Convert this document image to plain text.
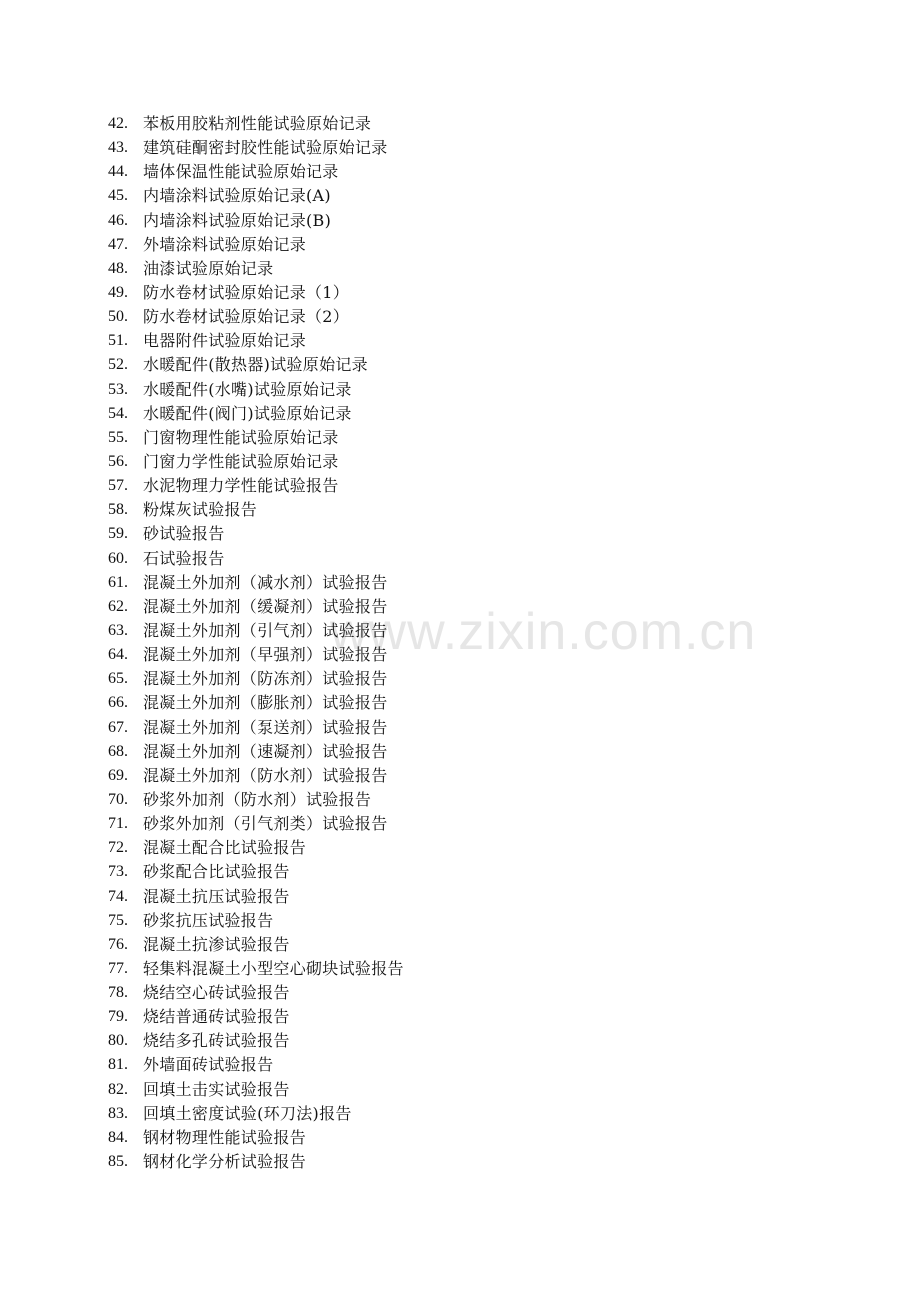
www.zixin.com.cn
42. 苯板用胶粘剂性能试验原始记录
43. 建筑硅酮密封胶性能试验原始记录
44. 墙体保温性能试验原始记录
45. 内墙涂料试验原始记录(A)
46. 内墙涂料试验原始记录(B)
47. 外墙涂料试验原始记录
48. 油漆试验原始记录
49. 防水卷材试验原始记录（1）
50. 防水卷材试验原始记录（2）
51. 电器附件试验原始记录
52. 水暖配件(散热器)试验原始记录
53. 水暖配件(水嘴)试验原始记录
54. 水暖配件(阀门)试验原始记录
55. 门窗物理性能试验原始记录
56. 门窗力学性能试验原始记录
57. 水泥物理力学性能试验报告
58. 粉煤灰试验报告
59. 砂试验报告
60. 石试验报告
61. 混凝土外加剂（减水剂）试验报告
62. 混凝土外加剂（缓凝剂）试验报告
63. 混凝土外加剂（引气剂）试验报告
64. 混凝土外加剂（早强剂）试验报告
65. 混凝土外加剂（防冻剂）试验报告
66. 混凝土外加剂（膨胀剂）试验报告
67. 混凝土外加剂（泵送剂）试验报告
68. 混凝土外加剂（速凝剂）试验报告
69. 混凝土外加剂（防水剂）试验报告
70. 砂浆外加剂（防水剂）试验报告
71. 砂浆外加剂（引气剂类）试验报告
72. 混凝土配合比试验报告
73. 砂浆配合比试验报告
74. 混凝土抗压试验报告
75. 砂浆抗压试验报告
76. 混凝土抗渗试验报告
77. 轻集料混凝土小型空心砌块试验报告
78. 烧结空心砖试验报告
79. 烧结普通砖试验报告
80. 烧结多孔砖试验报告
81. 外墙面砖试验报告
82. 回填土击实试验报告
83. 回填土密度试验(环刀法)报告
84. 钢材物理性能试验报告
85. 钢材化学分析试验报告
